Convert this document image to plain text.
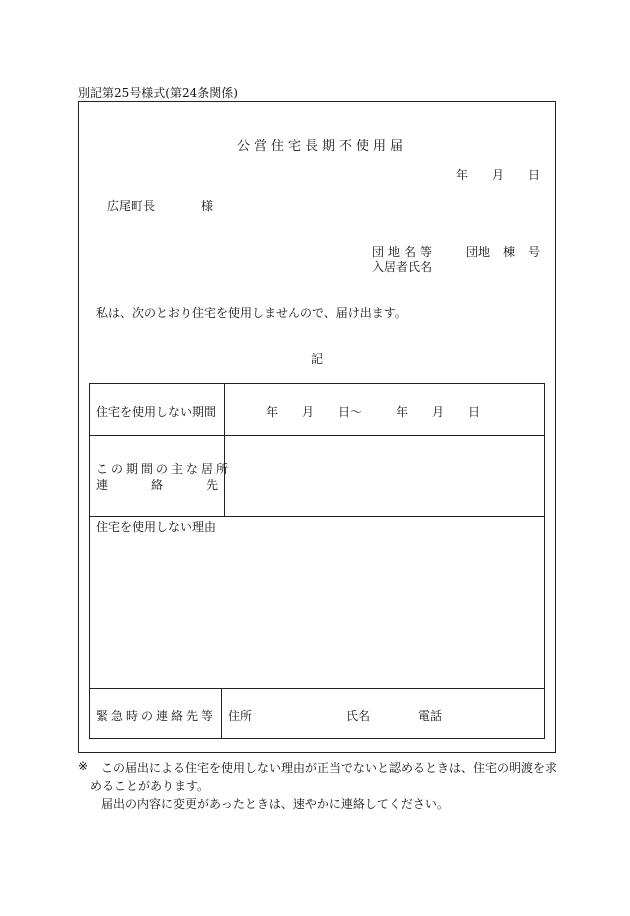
別記第25号様式(第24条関係)
公営住宅長期不使用届
年 月 日
広尾町長	様
団地名等 団地 棟 号
入居者氏名
私は、次のとおり住宅を使用しませんので、届け出ます。
記
住宅を使用しない期間	年 月 日 〜	年 月 日
この期間の主な居所
連	絡	先
住宅を使用しない理由
緊急時の連絡先等 住所	氏名	電話
※ この届出による住宅を使用しない理由が正当でないと認めるときは、住宅の明渡を求
めることがあります。
届出の内容に変更があったときは、速やかに連絡してください。
